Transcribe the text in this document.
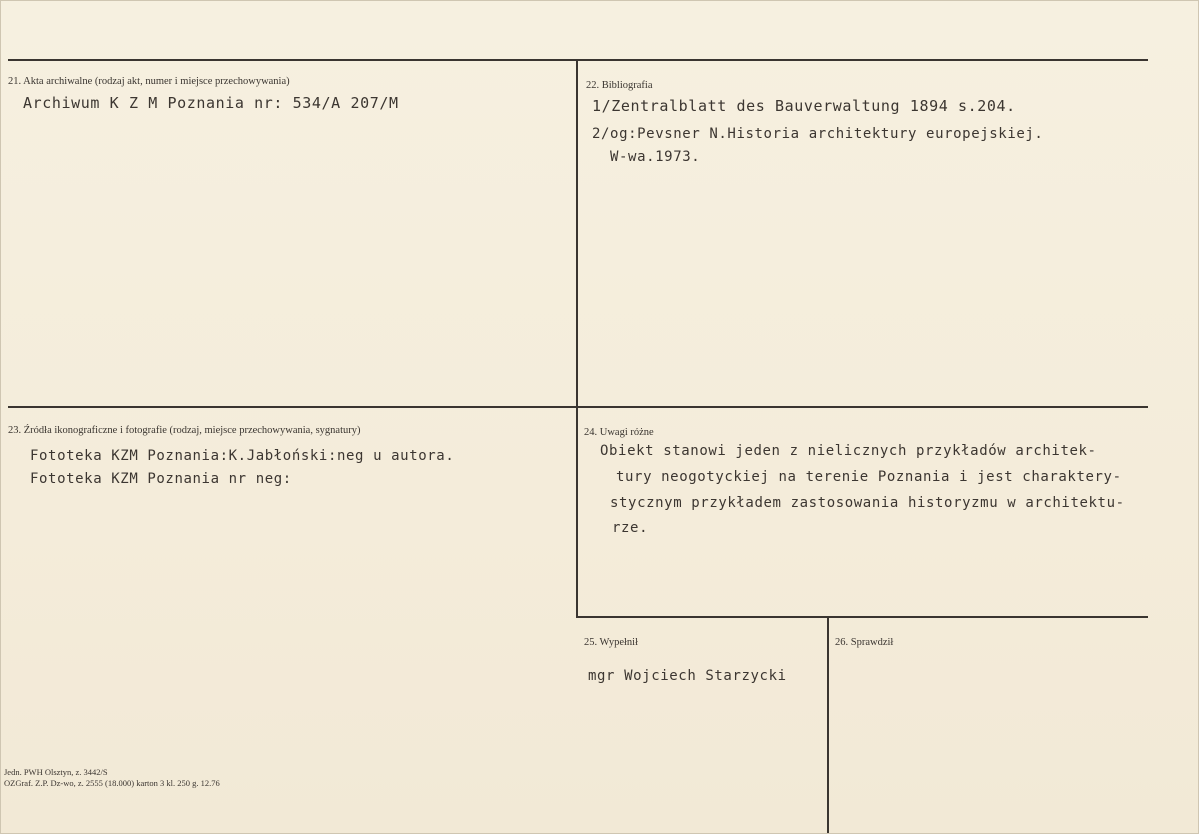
21. Akta archiwalne (rodzaj akt, numer i miejsce przechowywania)
Archiwum K Z M Poznania nr: 534/A 207/M
22. Bibliografia
1/Zentralblatt des Bauverwaltung 1894 s.204.
2/og:Pevsner N.Historia architektury europejskiej.
W-wa.1973.
23. Źródła ikonograficzne i fotografie (rodzaj, miejsce przechowywania, sygnatury)
Fototeka KZM Poznania:K.Jabłoński:neg u autora.
Fototeka KZM Poznania nr neg:
24. Uwagi różne
Obiekt stanowi jeden z nielicznych przykładów architek-
tury neogotyckiej na terenie Poznania i jest charaktery-
stycznym przykładem zastosowania historyzmu w architektu-
rze.
25. Wypełnił
mgr Wojciech Starzycki
26. Sprawdził
Jedn. PWH Olsztyn, z. 3442/S
OZGraf. Z.P. Dz-wo, z. 2555 (18.000) karton 3 kl. 250 g. 12.76
